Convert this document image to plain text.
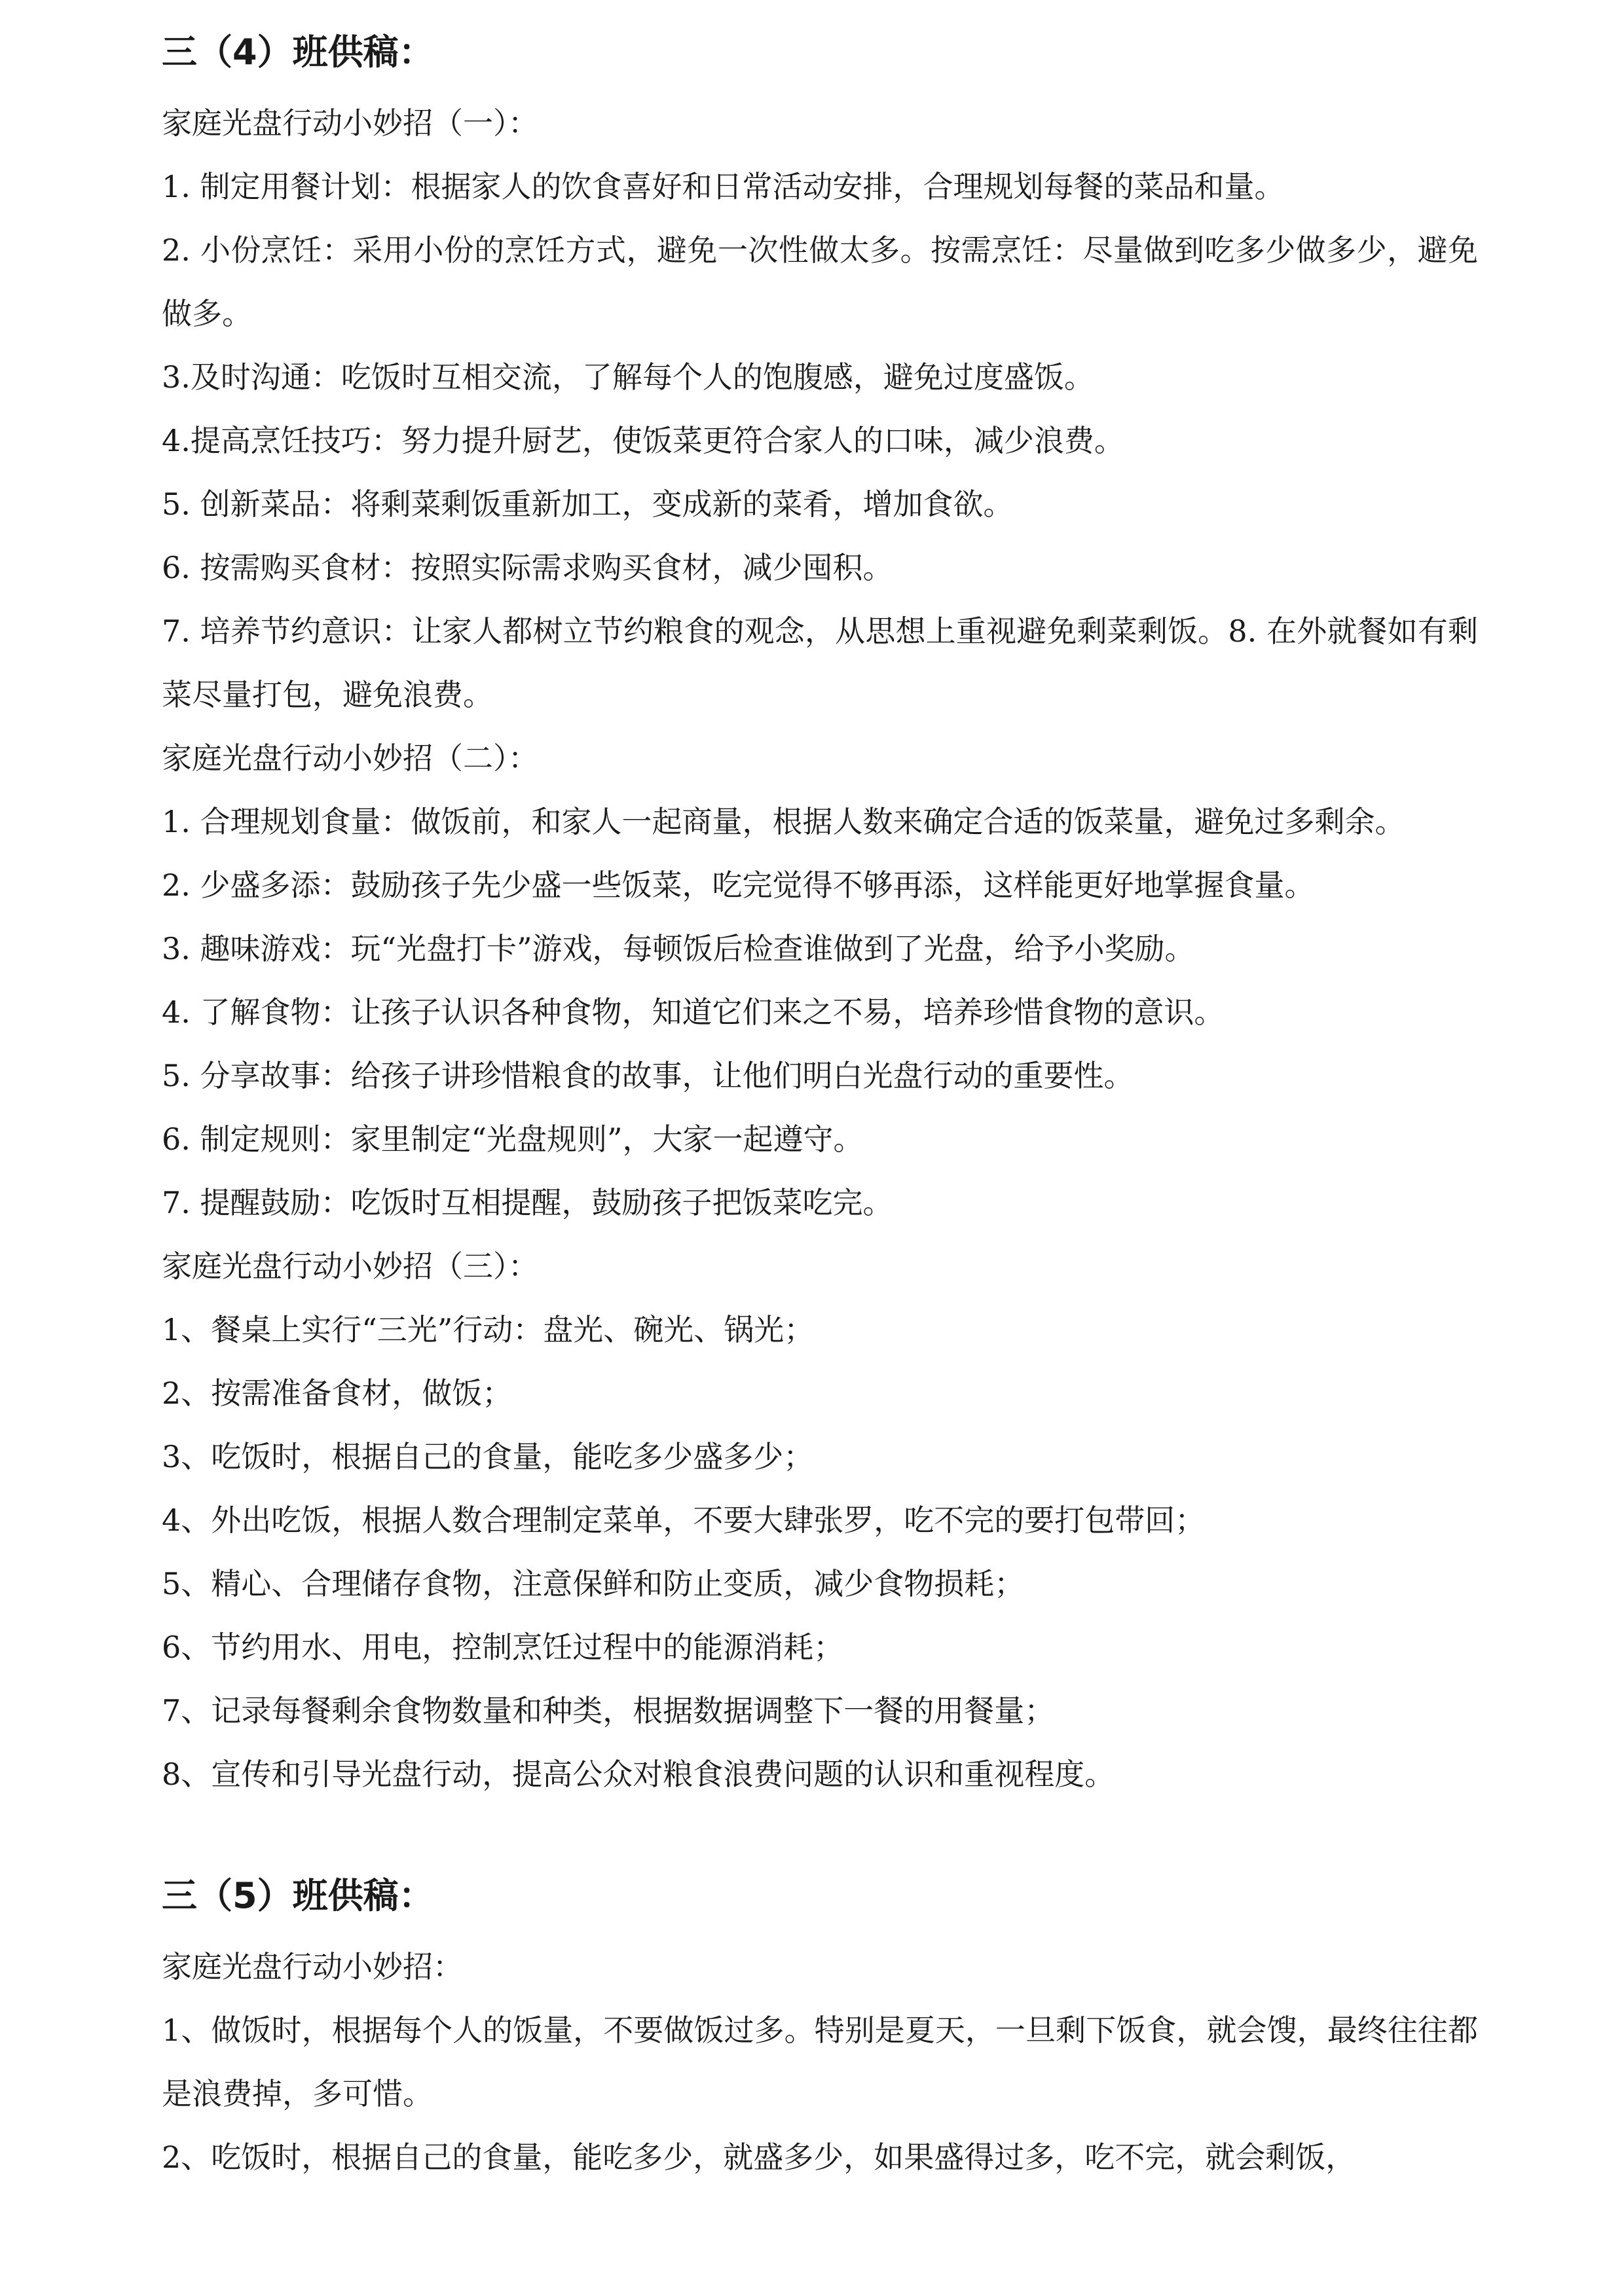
三（4）班供稿：
家庭光盘行动小妙招（一）：
1. 制定用餐计划：根据家人的饮食喜好和日常活动安排，合理规划每餐的菜品和量。
2. 小份烹饪：采用小份的烹饪方式，避免一次性做太多。按需烹饪：尽量做到吃多少做多少，避免做多。
3.及时沟通：吃饭时互相交流，了解每个人的饱腹感，避免过度盛饭。
4.提高烹饪技巧：努力提升厨艺，使饭菜更符合家人的口味，减少浪费。
5. 创新菜品：将剩菜剩饭重新加工，变成新的菜肴，增加食欲。
6. 按需购买食材：按照实际需求购买食材，减少囤积。
7. 培养节约意识：让家人都树立节约粮食的观念，从思想上重视避免剩菜剩饭。8. 在外就餐如有剩菜尽量打包，避免浪费。
家庭光盘行动小妙招（二）：
1. 合理规划食量：做饭前，和家人一起商量，根据人数来确定合适的饭菜量，避免过多剩余。
2. 少盛多添：鼓励孩子先少盛一些饭菜，吃完觉得不够再添，这样能更好地掌握食量。
3. 趣味游戏：玩“光盘打卡”游戏，每顿饭后检查谁做到了光盘，给予小奖励。
4. 了解食物：让孩子认识各种食物，知道它们来之不易，培养珍惜食物的意识。
5. 分享故事：给孩子讲珍惜粮食的故事，让他们明白光盘行动的重要性。
6. 制定规则：家里制定“光盘规则”，大家一起遵守。
7. 提醒鼓励：吃饭时互相提醒，鼓励孩子把饭菜吃完。
家庭光盘行动小妙招（三）：
1、餐桌上实行“三光”行动：盘光、碗光、锅光；
2、按需准备食材，做饭；
3、吃饭时，根据自己的食量，能吃多少盛多少；
4、外出吃饭，根据人数合理制定菜单，不要大肆张罗，吃不完的要打包带回；
5、精心、合理储存食物，注意保鲜和防止变质，减少食物损耗；
6、节约用水、用电，控制烹饪过程中的能源消耗；
7、记录每餐剩余食物数量和种类，根据数据调整下一餐的用餐量；
8、宣传和引导光盘行动，提高公众对粮食浪费问题的认识和重视程度。
三（5）班供稿：
家庭光盘行动小妙招：
1、做饭时，根据每个人的饭量，不要做饭过多。特别是夏天，一旦剩下饭食，就会馊，最终往往都是浪费掉，多可惜。
2、吃饭时，根据自己的食量，能吃多少，就盛多少，如果盛得过多，吃不完，就会剩饭，
